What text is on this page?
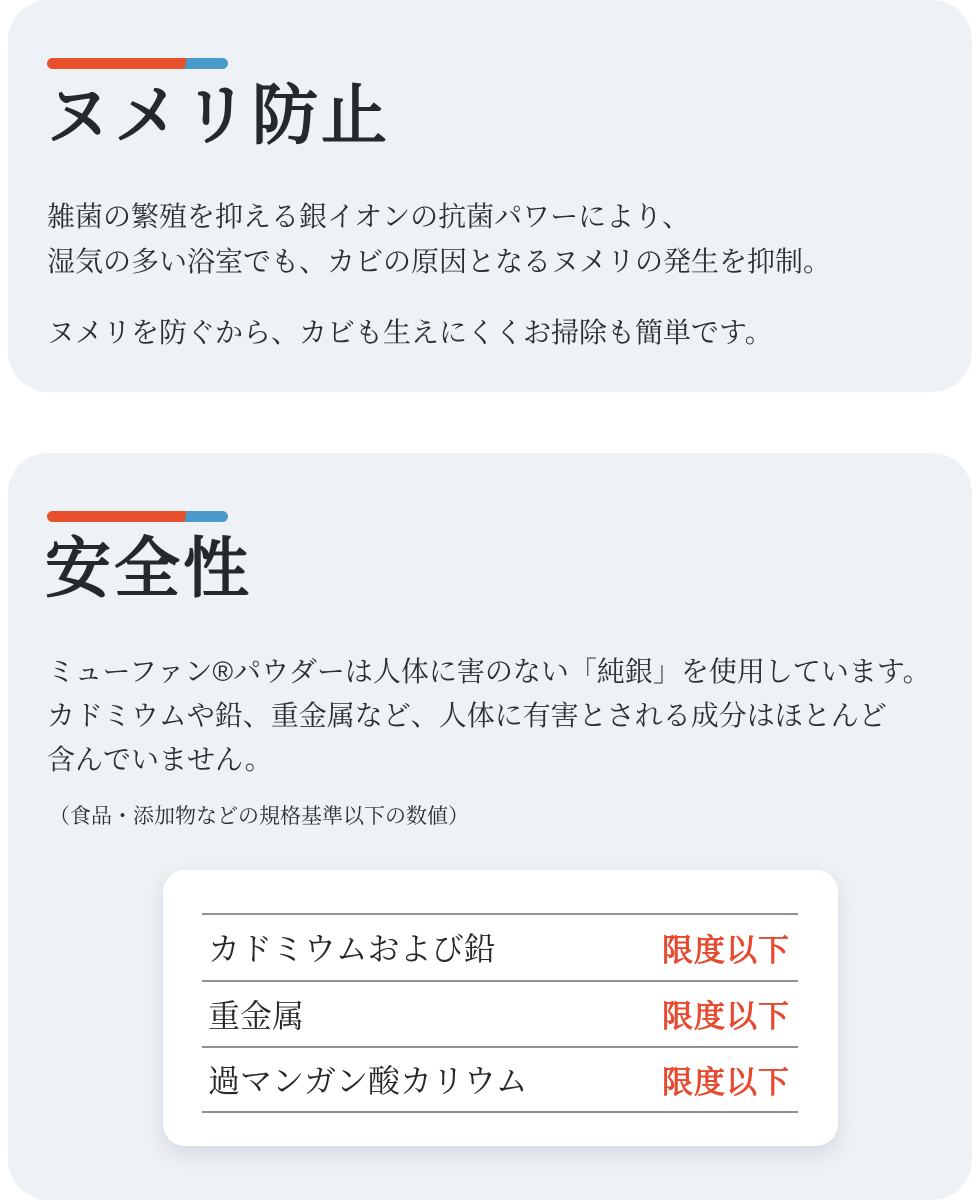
ヌメリ防止
雑菌の繁殖を抑える銀イオンの抗菌パワーにより、
湿気の多い浴室でも、カビの原因となるヌメリの発生を抑制。
ヌメリを防ぐから、カビも生えにくくお掃除も簡単です。
安全性
ミューファン®パウダーは人体に害のない「純銀」を使用しています。
カドミウムや鉛、重金属など、人体に有害とされる成分はほとんど
含んでいません。
（食品・添加物などの規格基準以下の数値）
カドミウムおよび鉛	限度以下
重金属	限度以下
過マンガン酸カリウム	限度以下
